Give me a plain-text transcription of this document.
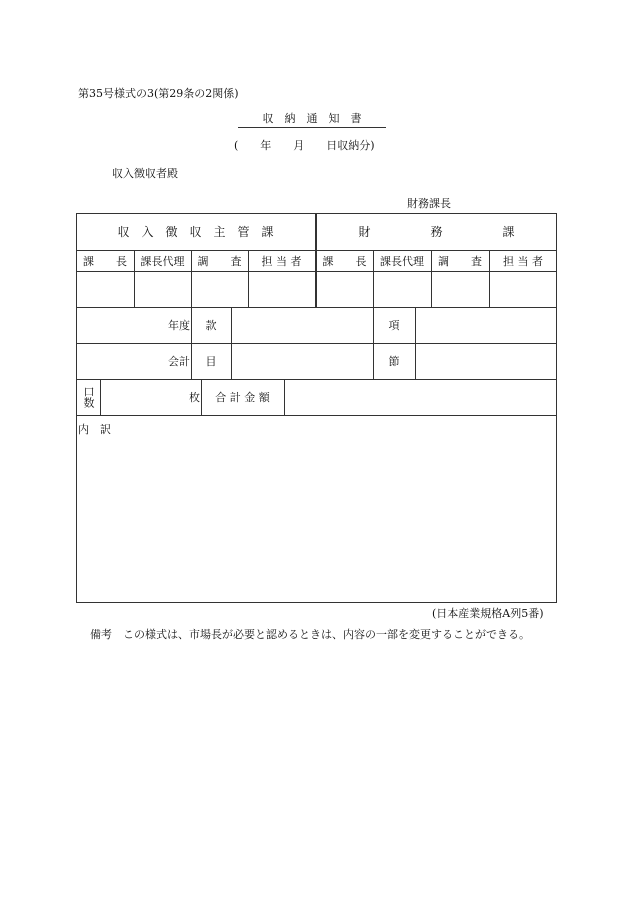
第35号様式の3(第29条の2関係)
収　納　通　知　書
(　　年　　月　　日収納分)
収入徴収者殿
財務課長
収　入　徴　収　主　管　課	財　　　　　務　　　　　課
課　　長	課長代理	調　　査	担 当 者	課　　長	課長代理	調　　査	担 当 者
年度	款	項
会計	目	節
口数	枚	合 計 金 額
内　訳
(日本産業規格A列5番)
備考　この様式は、市場長が必要と認めるときは、内容の一部を変更することができる。
